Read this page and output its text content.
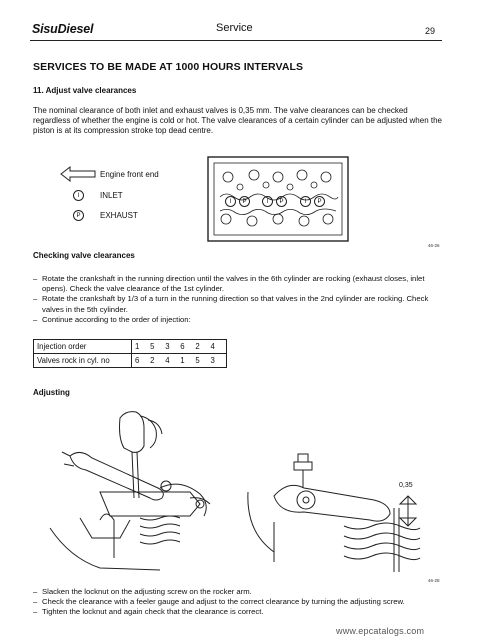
SisuDiesel	Service	29
SERVICES TO BE MADE AT 1000 HOURS INTERVALS
11. Adjust valve clearances
The nominal clearance of both inlet and exhaust valves is 0,35 mm. The valve clearances can be checked regardless of whether the engine is cold or hot. The valve clearances of a certain cylinder can be adjusted when the piston is at its compression stroke top dead centre.
Engine front end
I	INLET
P	EXHAUST
I	P	I	P	I	P
46-26
Checking valve clearances
– Rotate the crankshaft in the running direction until the valves in the 6th cylinder are rocking (exhaust closes, inlet opens). Check the valve clearance of the 1st cylinder.
– Rotate the crankshaft by 1/3 of a turn in the running direction so that valves in the 2nd cylinder are rocking. Check valves in the 5th cylinder.
– Continue according to the order of injection:
Injection order	1 5 3 6 2 4
Valves rock in cyl. no	6 2 4 1 5 3
Adjusting
0,35
46-28
– Slacken the locknut on the adjusting screw on the rocker arm.
– Check the clearance with a feeler gauge and adjust to the correct clearance by turning the adjusting screw.
– Tighten the locknut and again check that the clearance is correct.
www.epcatalogs.com
